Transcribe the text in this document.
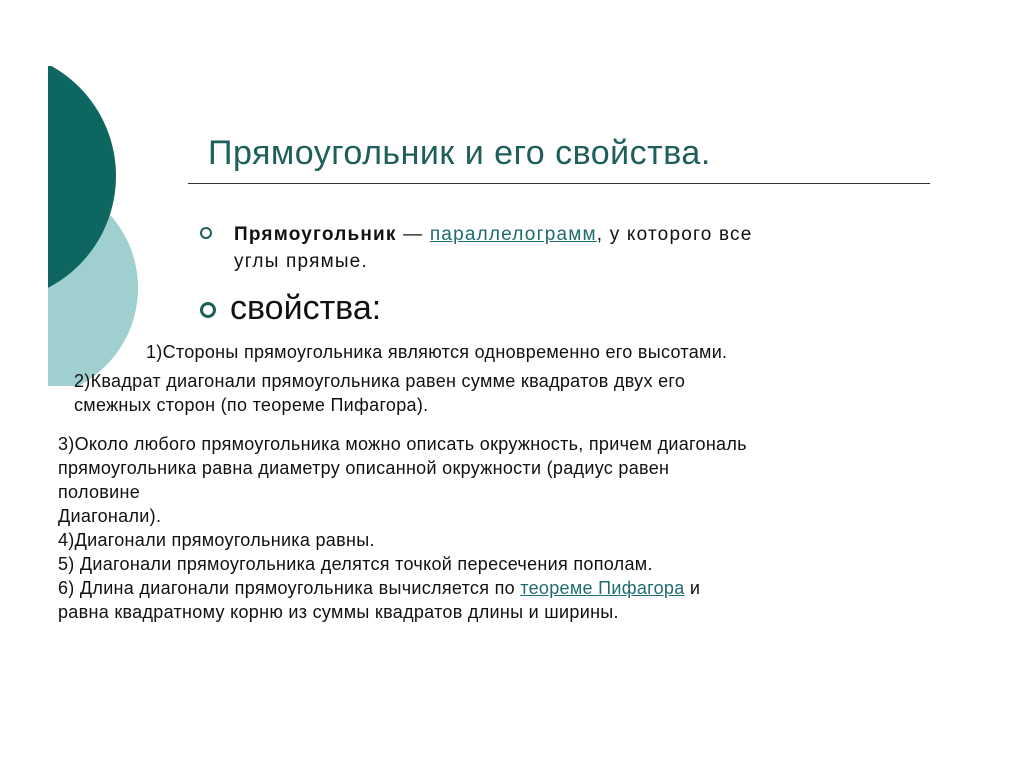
Прямоугольник и его свойства.
Прямоугольник — параллелограмм, у которого все
углы прямые.
свойства:
1)Стороны прямоугольника являются одновременно его высотами.
2)Квадрат диагонали прямоугольника равен сумме квадратов двух его
смежных сторон (по теореме Пифагора).
3)Около любого прямоугольника можно описать окружность, причем диагональ
прямоугольника равна диаметру описанной окружности (радиус равен
половине
Диагонали).
4)Диагонали прямоугольника равны.
5) Диагонали прямоугольника делятся точкой пересечения пополам.
6) Длина диагонали прямоугольника вычисляется по теореме Пифагора и
равна квадратному корню из суммы квадратов длины и ширины.
